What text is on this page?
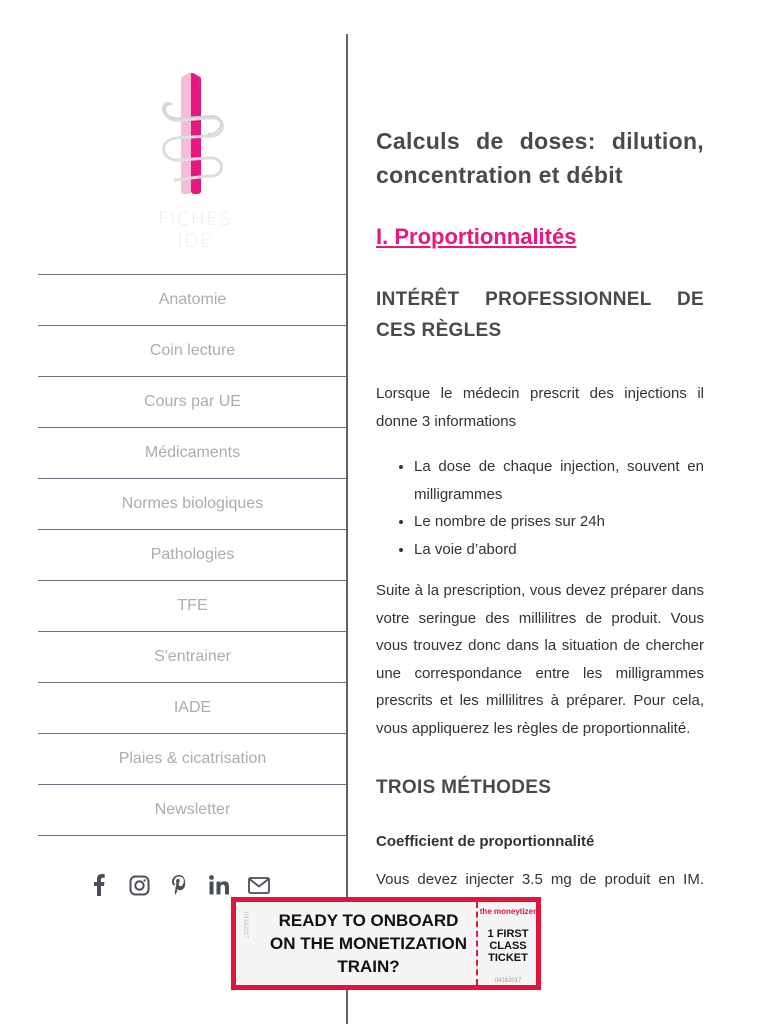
FICHES IDE
Anatomie
Coin lecture
Cours par UE
Médicaments
Normes biologiques
Pathologies
TFE
S'entrainer
IADE
Plaies & cicatrisation
Newsletter
Calculs de doses: dilution, concentration et débit
I. Proportionnalités
INTÉRÊT PROFESSIONNEL DE CES RÈGLES

Lorsque le médecin prescrit des injections il donne 3 informations

• La dose de chaque injection, souvent en milligrammes
• Le nombre de prises sur 24h
• La voie d’abord

Suite à la prescription, vous devez préparer dans votre seringue des millilitres de produit. Vous vous trouvez donc dans la situation de chercher une correspondance entre les milligrammes prescrits et les millilitres à préparer. Pour cela, vous appliquerez les règles de proportionnalité.

TROIS MÉTHODES

Coefficient de proportionnalité

Vous devez injecter 3.5 mg de produit en IM.

04162017	READY TO ONBOARD ON THE MONETIZATION TRAIN?
the moneytizer
1 FIRST CLASS TICKET
04162017
